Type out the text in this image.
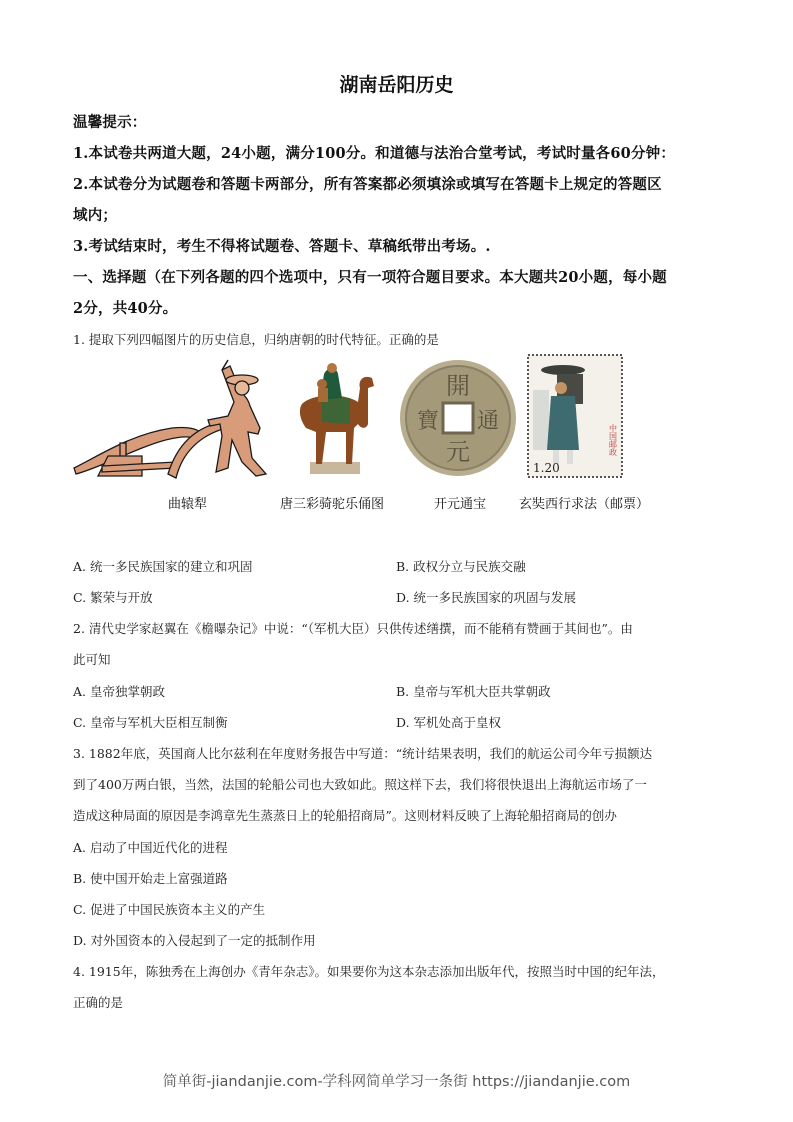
湖南岳阳历史
温馨提示：
1.本试卷共两道大题，24小题，满分100分。和道德与法治合堂考试，考试时量各60分钟：
2.本试卷分为试题卷和答题卡两部分，所有答案都必须填涂或填写在答题卡上规定的答题区
域内；
3.考试结束时，考生不得将试题卷、答题卡、草稿纸带出考场。.
一、选择题（在下列各题的四个选项中，只有一项符合题目要求。本大题共20小题，每小题
2分，共40分。
1. 提取下列四幅图片的历史信息，归纳唐朝的时代特征。正确的是
開
元
通
寶
1.20
中国邮政
曲辕犁	唐三彩骑驼乐俑图	开元通宝	玄奘西行求法（邮票）
A. 统一多民族国家的建立和巩固	B. 政权分立与民族交融
C. 繁荣与开放	D. 统一多民族国家的巩固与发展
2. 清代史学家赵翼在《檐曝杂记》中说：“（军机大臣）只供传述缮撰，而不能稍有赞画于其间也”。由
此可知
A. 皇帝独掌朝政	B. 皇帝与军机大臣共掌朝政
C. 皇帝与军机大臣相互制衡	D. 军机处高于皇权
3. 1882年底，英国商人比尔兹利在年度财务报告中写道：“统计结果表明，我们的航运公司今年亏损额达
到了400万两白银，当然，法国的轮船公司也大致如此。照这样下去，我们将很快退出上海航运市场了一
造成这种局面的原因是李鸿章先生蒸蒸日上的轮船招商局”。这则材料反映了上海轮船招商局的创办
A. 启动了中国近代化的进程
B. 使中国开始走上富强道路
C. 促进了中国民族资本主义的产生
D. 对外国资本的入侵起到了一定的抵制作用
4. 1915年，陈独秀在上海创办《青年杂志》。如果要你为这本杂志添加出版年代，按照当时中国的纪年法，
正确的是
简单街-jiandanjie.com-学科网简单学习一条街 https://jiandanjie.com
